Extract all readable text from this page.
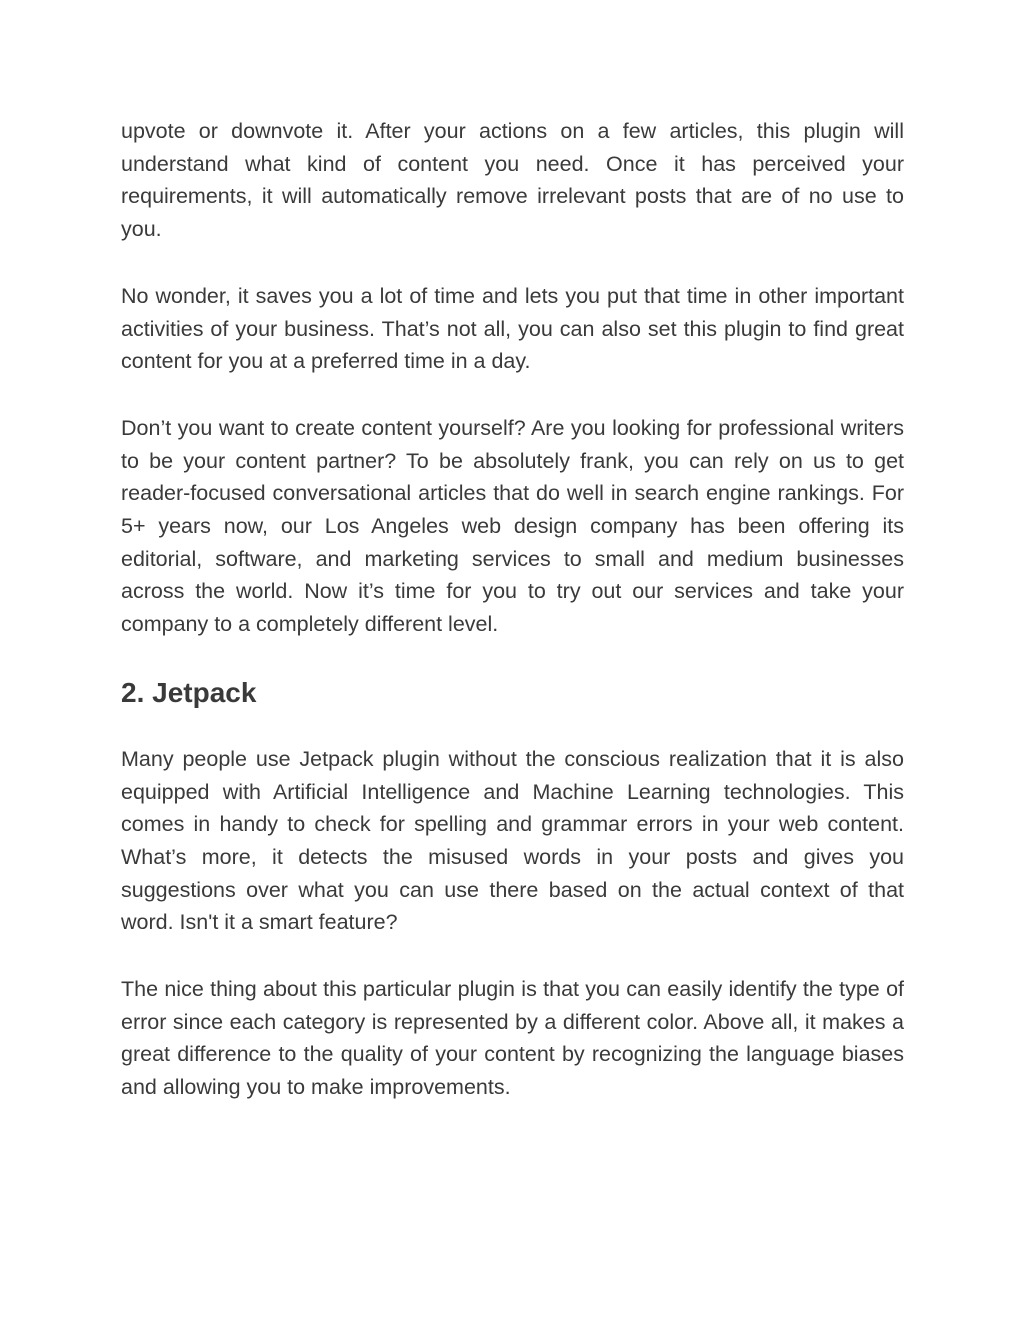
upvote or downvote it. After your actions on a few articles, this plugin will understand what kind of content you need. Once it has perceived your requirements, it will automatically remove irrelevant posts that are of no use to you.

No wonder, it saves you a lot of time and lets you put that time in other important activities of your business. That’s not all, you can also set this plugin to find great content for you at a preferred time in a day.

Don’t you want to create content yourself? Are you looking for professional writers to be your content partner? To be absolutely frank, you can rely on us to get reader-focused conversational articles that do well in search engine rankings. For 5+ years now, our Los Angeles web design company has been offering its editorial, software, and marketing services to small and medium businesses across the world. Now it’s time for you to try out our services and take your company to a completely different level.

2. Jetpack

Many people use Jetpack plugin without the conscious realization that it is also equipped with Artificial Intelligence and Machine Learning technologies. This comes in handy to check for spelling and grammar errors in your web content. What’s more, it detects the misused words in your posts and gives you suggestions over what you can use there based on the actual context of that word. Isn't it a smart feature?

The nice thing about this particular plugin is that you can easily identify the type of error since each category is represented by a different color. Above all, it makes a great difference to the quality of your content by recognizing the language biases and allowing you to make improvements.
